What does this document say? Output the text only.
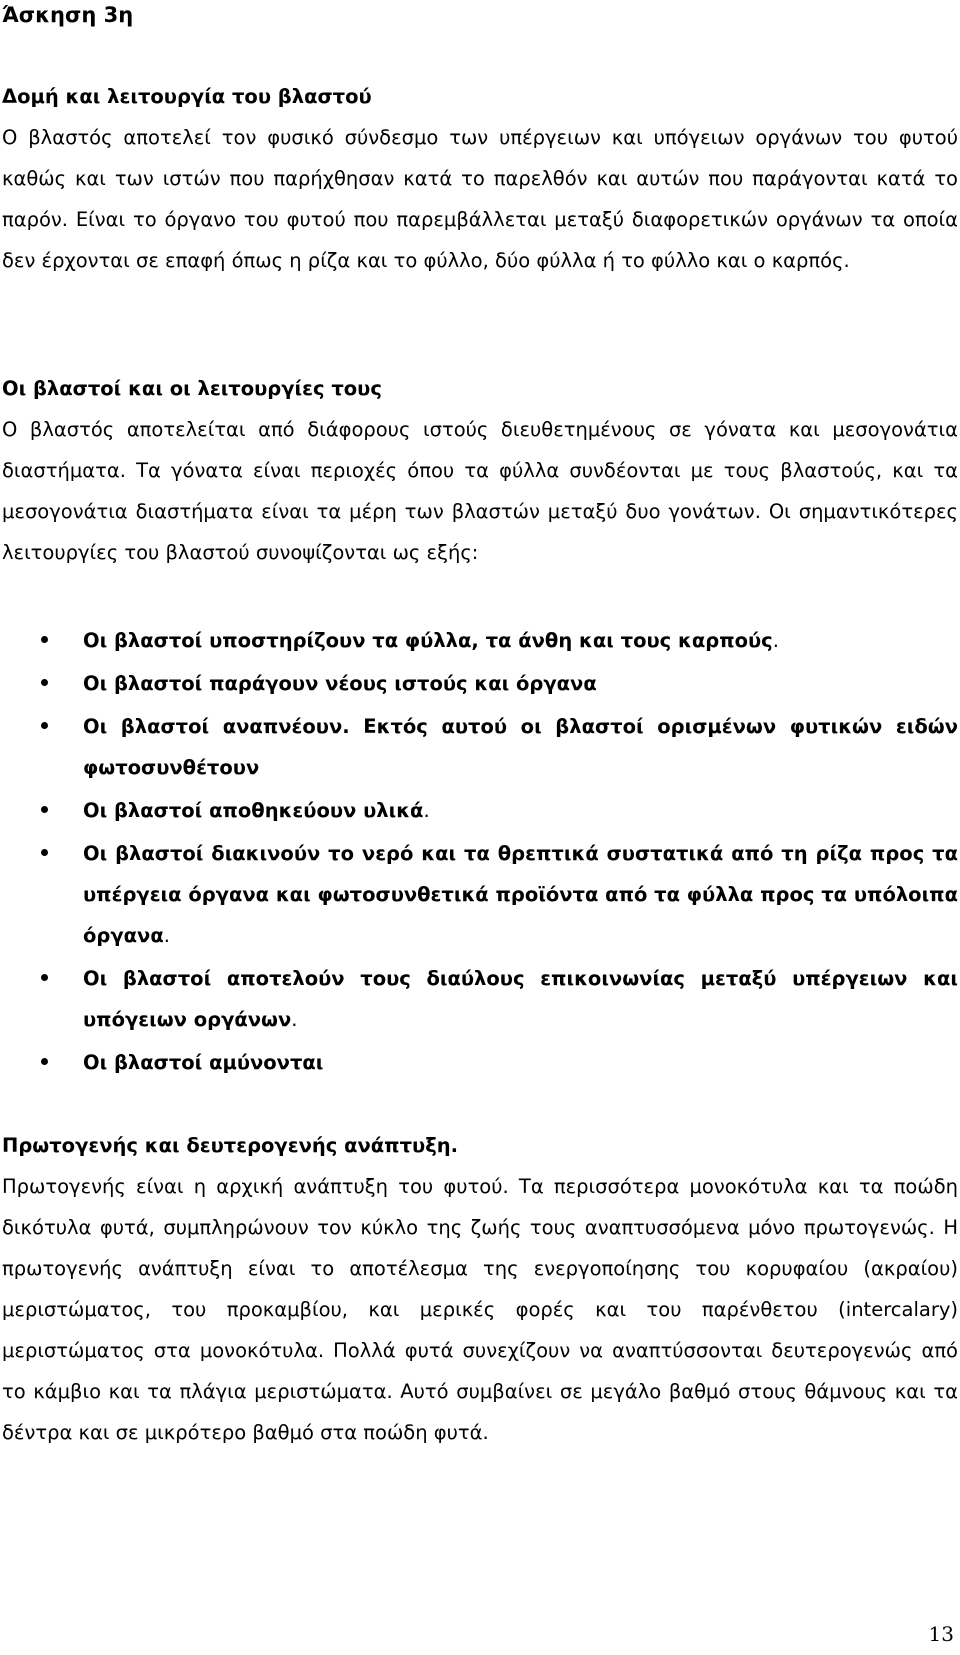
Άσκηση 3η
Δομή και λειτουργία του βλαστού

Ο βλαστός αποτελεί τον φυσικό σύνδεσμο των υπέργειων και υπόγειων οργάνων του φυτού καθώς και των ιστών που παρήχθησαν κατά το παρελθόν και αυτών που παράγονται κατά το παρόν. Είναι το όργανο του φυτού που παρεμβάλλεται μεταξύ διαφορετικών οργάνων τα οποία δεν έρχονται σε επαφή όπως η ρίζα και το φύλλο, δύο φύλλα ή το φύλλο και ο καρπός.

Οι βλαστοί και οι λειτουργίες τους

Ο βλαστός αποτελείται από διάφορους ιστούς διευθετημένους σε γόνατα και μεσογονάτια διαστήματα. Τα γόνατα είναι περιοχές όπου τα φύλλα συνδέονται με τους βλαστούς, και τα μεσογονάτια διαστήματα είναι τα μέρη των βλαστών μεταξύ δυο γονάτων. Οι σημαντικότερες λειτουργίες του βλαστού συνοψίζονται ως εξής:

Οι βλαστοί υποστηρίζουν τα φύλλα, τα άνθη και τους καρπούς.
Οι βλαστοί παράγουν νέους ιστούς και όργανα
Οι βλαστοί αναπνέουν. Εκτός αυτού οι βλαστοί ορισμένων φυτικών ειδών φωτοσυνθέτουν
Οι βλαστοί αποθηκεύουν υλικά.
Οι βλαστοί διακινούν το νερό και τα θρεπτικά συστατικά από τη ρίζα προς τα υπέργεια όργανα και φωτοσυνθετικά προϊόντα από τα φύλλα προς τα υπόλοιπα όργανα.
Οι βλαστοί αποτελούν τους διαύλους επικοινωνίας μεταξύ υπέργειων και υπόγειων οργάνων.
Οι βλαστοί αμύνονται
Πρωτογενής και δευτερογενής ανάπτυξη.

Πρωτογενής είναι η αρχική ανάπτυξη του φυτού. Τα περισσότερα μονοκότυλα και τα ποώδη δικότυλα φυτά, συμπληρώνουν τον κύκλο της ζωής τους αναπτυσσόμενα μόνο πρωτογενώς. Η πρωτογενής ανάπτυξη είναι το αποτέλεσμα της ενεργοποίησης του κορυφαίου (ακραίου) μεριστώματος, του προκαμβίου, και μερικές φορές και του παρένθετου (intercalary) μεριστώματος στα μονοκότυλα. Πολλά φυτά συνεχίζουν να αναπτύσσονται δευτερογενώς από το κάμβιο και τα πλάγια μεριστώματα. Αυτό συμβαίνει σε μεγάλο βαθμό στους θάμνους και τα δέντρα και σε μικρότερο βαθμό στα ποώδη φυτά.

13
